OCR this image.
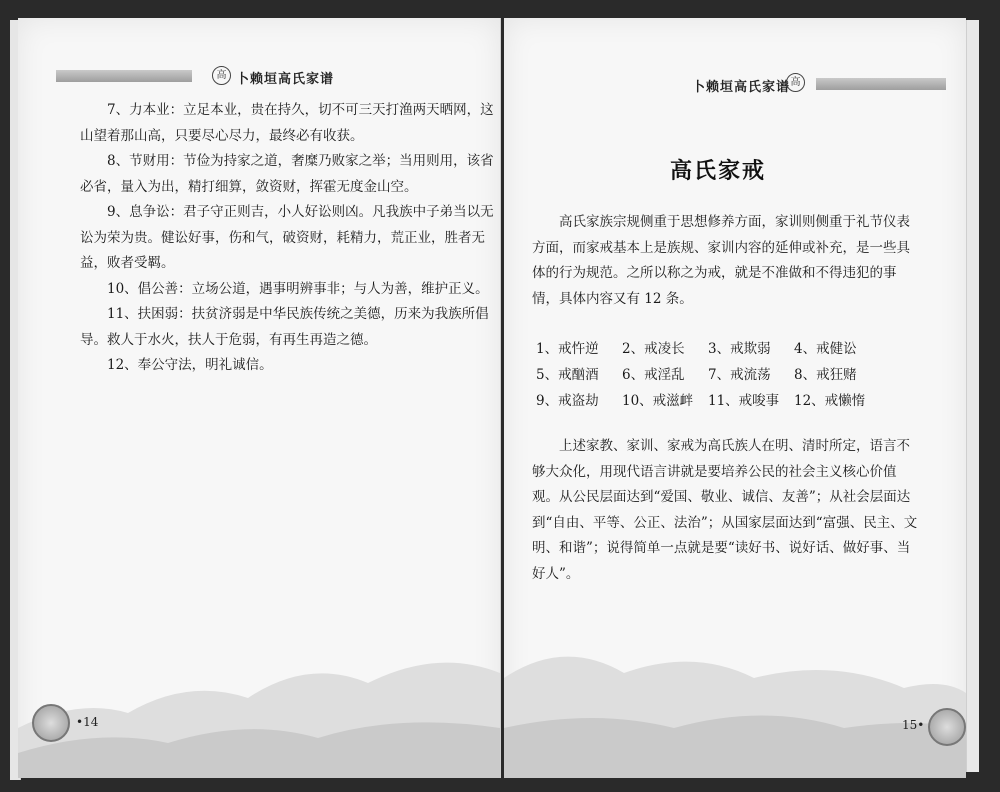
高 卜赖垣高氏家谱

7、力本业：立足本业，贵在持久，切不可三天打渔两天晒网，这山望着那山高，只要尽心尽力，最终必有收获。

8、节财用：节俭为持家之道，奢糜乃败家之举；当用则用，该省必省，量入为出，精打细算，敛资财，挥霍无度金山空。

9、息争讼：君子守正则吉，小人好讼则凶。凡我族中子弟当以无讼为荣为贵。健讼好事，伤和气，破资财，耗精力，荒正业，胜者无益，败者受羁。

10、倡公善：立场公道，遇事明辨事非；与人为善，维护正义。

11、扶困弱：扶贫济弱是中华民族传统之美德，历来为我族所倡导。救人于水火，扶人于危弱，有再生再造之德。

12、奉公守法，明礼诚信。

•14
卜赖垣高氏家谱 高
高氏家戒

高氏家族宗规侧重于思想修养方面，家训则侧重于礼节仪表方面，而家戒基本上是族规、家训内容的延伸或补充，是一些具体的行为规范。之所以称之为戒，就是不准做和不得违犯的事情，具体内容又有 12 条。

1、戒忤逆	2、戒凌长	3、戒欺弱	4、戒健讼
5、戒酗酒	6、戒淫乱	7、戒流荡	8、戒狂赌
9、戒盗劫	10、戒滋衅	11、戒唆事	12、戒懒惰

上述家教、家训、家戒为高氏族人在明、清时所定，语言不够大众化，用现代语言讲就是要培养公民的社会主义核心价值观。从公民层面达到“爱国、敬业、诚信、友善”；从社会层面达到“自由、平等、公正、法治”；从国家层面达到“富强、民主、文明、和谐”；说得简单一点就是要“读好书、说好话、做好事、当好人”。

15•
